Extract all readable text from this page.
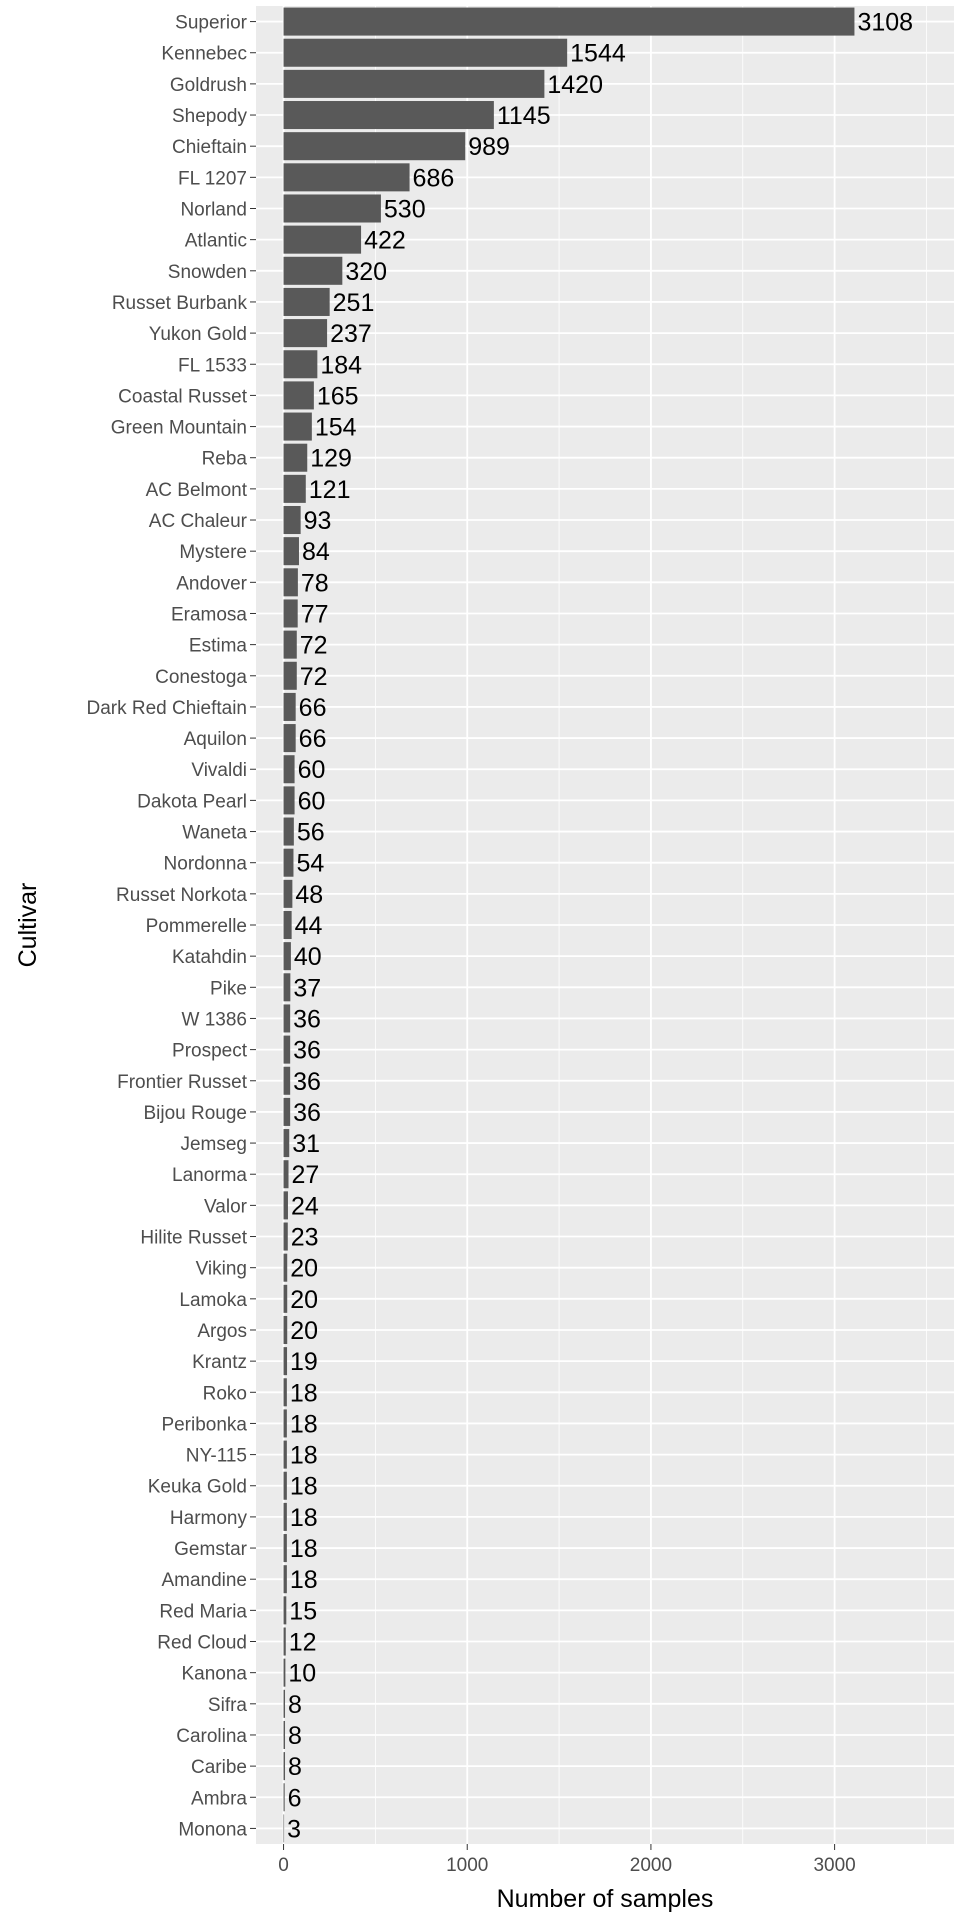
3108
1544
1420
1145
989
686
530
422
320
251
237
184
165
154
129
121
93
84
78
77
72
72
66
66
60
60
56
54
48
44
40
37
36
36
36
36
31
27
24
23
20
20
20
19
18
18
18
18
18
18
18
15
12
10
8
8
8
6
3
Superior
Kennebec
Goldrush
Shepody
Chieftain
FL 1207
Norland
Atlantic
Snowden
Russet Burbank
Yukon Gold
FL 1533
Coastal Russet
Green Mountain
Reba
AC Belmont
AC Chaleur
Mystere
Andover
Eramosa
Estima
Conestoga
Dark Red Chieftain
Aquilon
Vivaldi
Dakota Pearl
Waneta
Nordonna
Russet Norkota
Pommerelle
Katahdin
Pike
W 1386
Prospect
Frontier Russet
Bijou Rouge
Jemseg
Lanorma
Valor
Hilite Russet
Viking
Lamoka
Argos
Krantz
Roko
Peribonka
NY-115
Keuka Gold
Harmony
Gemstar
Amandine
Red Maria
Red Cloud
Kanona
Sifra
Carolina
Caribe
Ambra
Monona
0	1000	2000	3000
Number of samples
Cultivar
